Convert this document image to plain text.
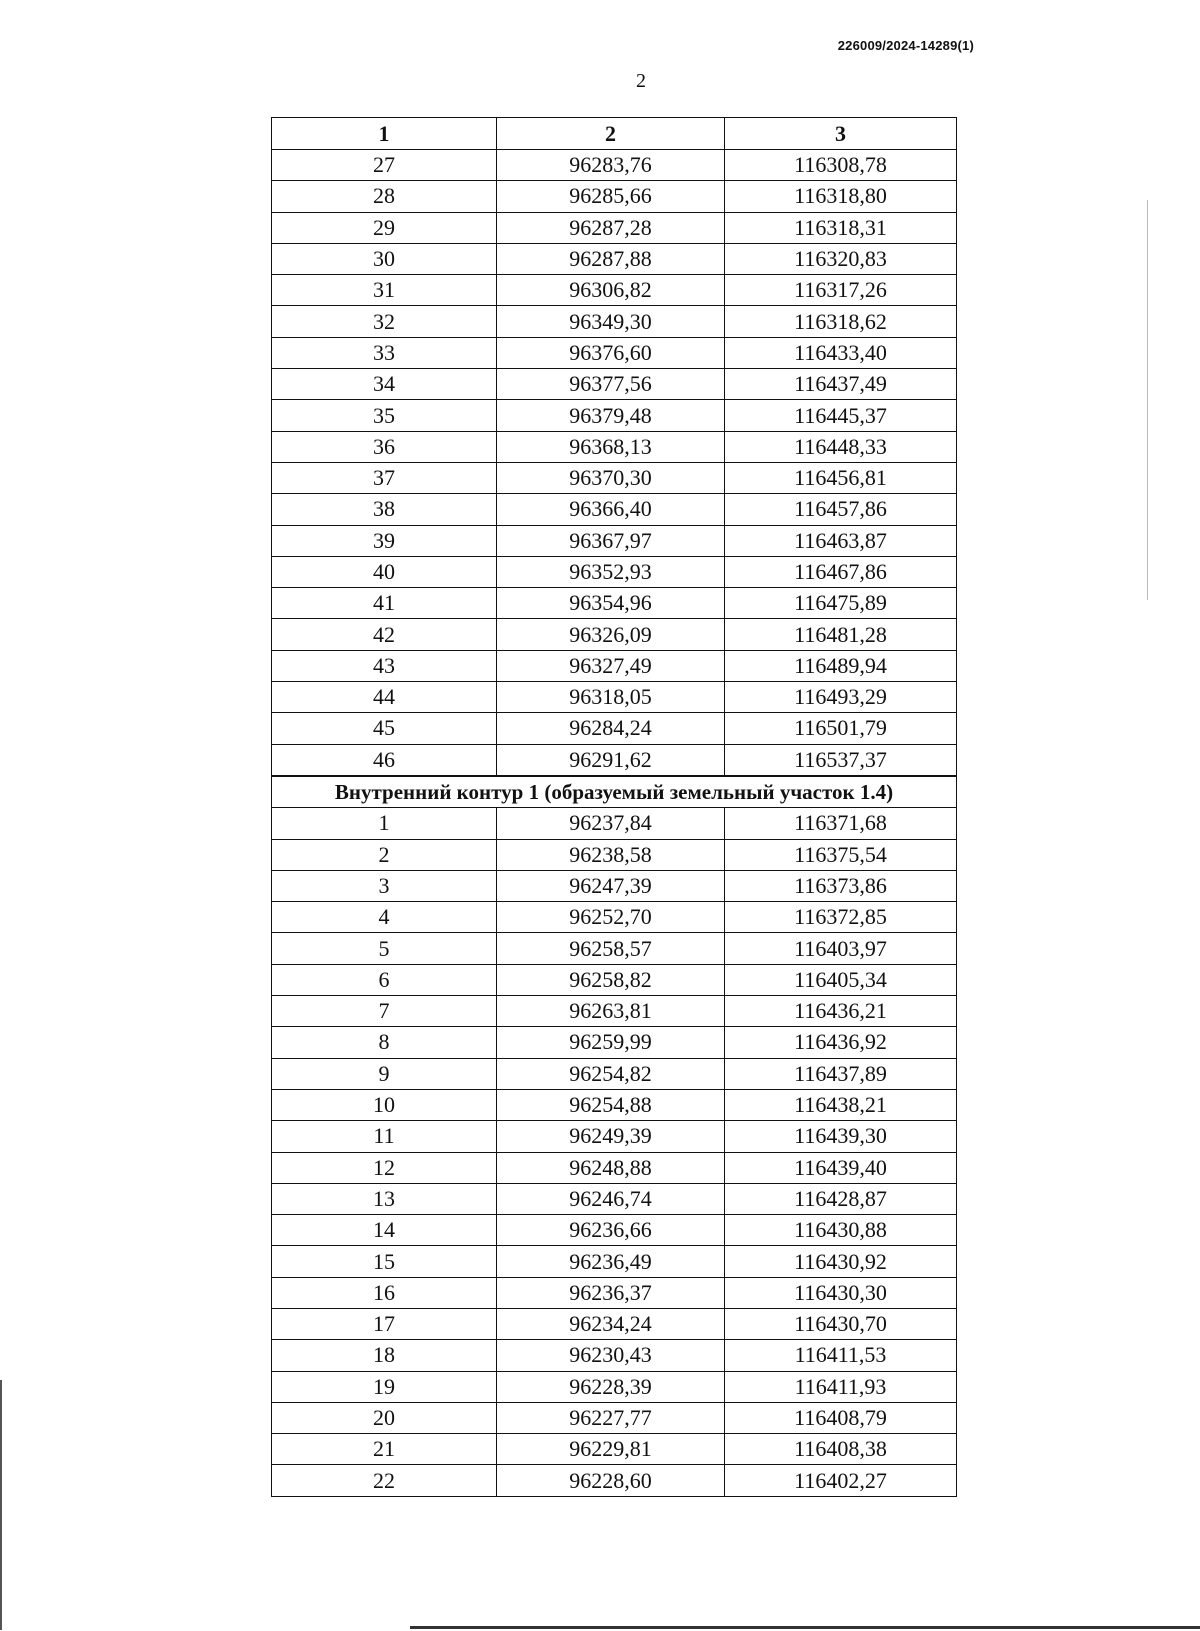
226009/2024-14289(1)
2
1	2	3
27	96283,76	116308,78
28	96285,66	116318,80
29	96287,28	116318,31
30	96287,88	116320,83
31	96306,82	116317,26
32	96349,30	116318,62
33	96376,60	116433,40
34	96377,56	116437,49
35	96379,48	116445,37
36	96368,13	116448,33
37	96370,30	116456,81
38	96366,40	116457,86
39	96367,97	116463,87
40	96352,93	116467,86
41	96354,96	116475,89
42	96326,09	116481,28
43	96327,49	116489,94
44	96318,05	116493,29
45	96284,24	116501,79
46	96291,62	116537,37
Внутренний контур 1 (образуемый земельный участок 1.4)		
1	96237,84	116371,68
2	96238,58	116375,54
3	96247,39	116373,86
4	96252,70	116372,85
5	96258,57	116403,97
6	96258,82	116405,34
7	96263,81	116436,21
8	96259,99	116436,92
9	96254,82	116437,89
10	96254,88	116438,21
11	96249,39	116439,30
12	96248,88	116439,40
13	96246,74	116428,87
14	96236,66	116430,88
15	96236,49	116430,92
16	96236,37	116430,30
17	96234,24	116430,70
18	96230,43	116411,53
19	96228,39	116411,93
20	96227,77	116408,79
21	96229,81	116408,38
22	96228,60	116402,27
